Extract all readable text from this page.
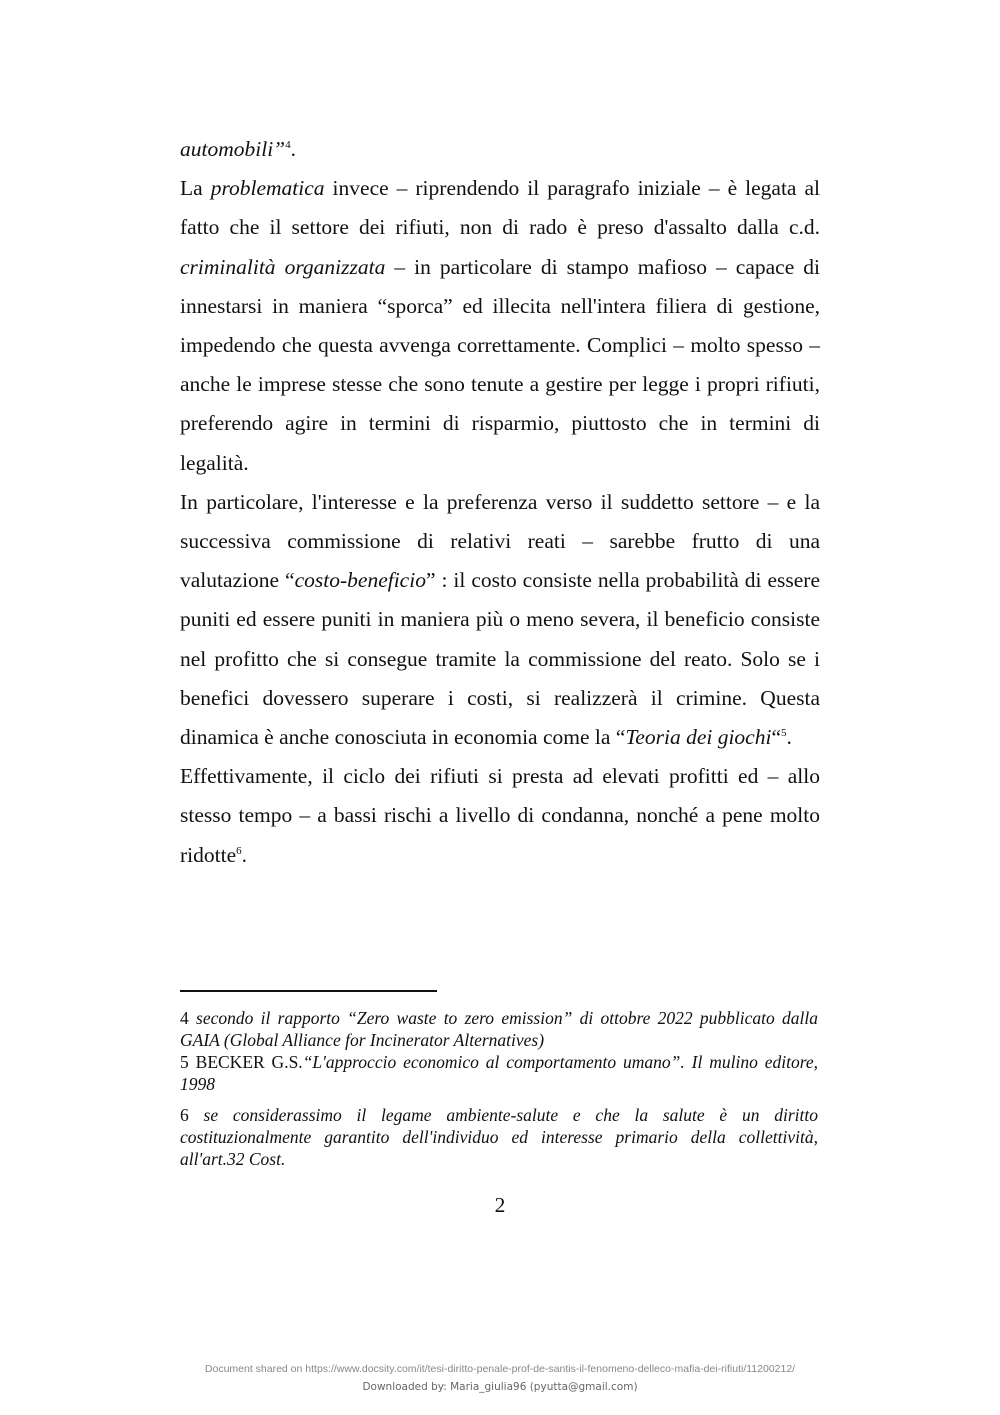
automobili”$^4$.

La problematica invece – riprendendo il paragrafo iniziale – è legata al fatto che il settore dei rifiuti, non di rado è preso d'assalto dalla c.d. criminalità organizzata – in particolare di stampo mafioso – capace di innestarsi in maniera “sporca” ed illecita nell'intera filiera di gestione, impedendo che questa avvenga correttamente. Complici – molto spesso – anche le imprese stesse che sono tenute a gestire per legge i propri rifiuti, preferendo agire in termini di risparmio, piuttosto che in termini di legalità.

In particolare, l'interesse e la preferenza verso il suddetto settore – e la successiva commissione di relativi reati – sarebbe frutto di una valutazione “costo-beneficio” : il costo consiste nella probabilità di essere puniti ed essere puniti in maniera più o meno severa, il beneficio consiste nel profitto che si consegue tramite la commissione del reato. Solo se i benefici dovessero superare i costi, si realizzerà il crimine. Questa dinamica è anche conosciuta in economia come la “Teoria dei giochi“$^5$.

Effettivamente, il ciclo dei rifiuti si presta ad elevati profitti ed – allo stesso tempo – a bassi rischi a livello di condanna, nonché a pene molto ridotte$^6$.

4 secondo il rapporto “Zero waste to zero emission” di ottobre 2022 pubblicato dalla GAIA (Global Alliance for Incinerator Alternatives)

5 BECKER G.S.“L'approccio economico al comportamento umano”. Il mulino editore, 1998

6 se considerassimo il legame ambiente-salute e che la salute è un diritto costituzionalmente garantito dell'individuo ed interesse primario della collettività, all'art.32 Cost.

2
Document shared on https://www.docsity.com/it/tesi-diritto-penale-prof-de-santis-il-fenomeno-delleco-mafia-dei-rifiuti/11200212/
Downloaded by: Maria_giulia96 (pyutta@gmail.com)
